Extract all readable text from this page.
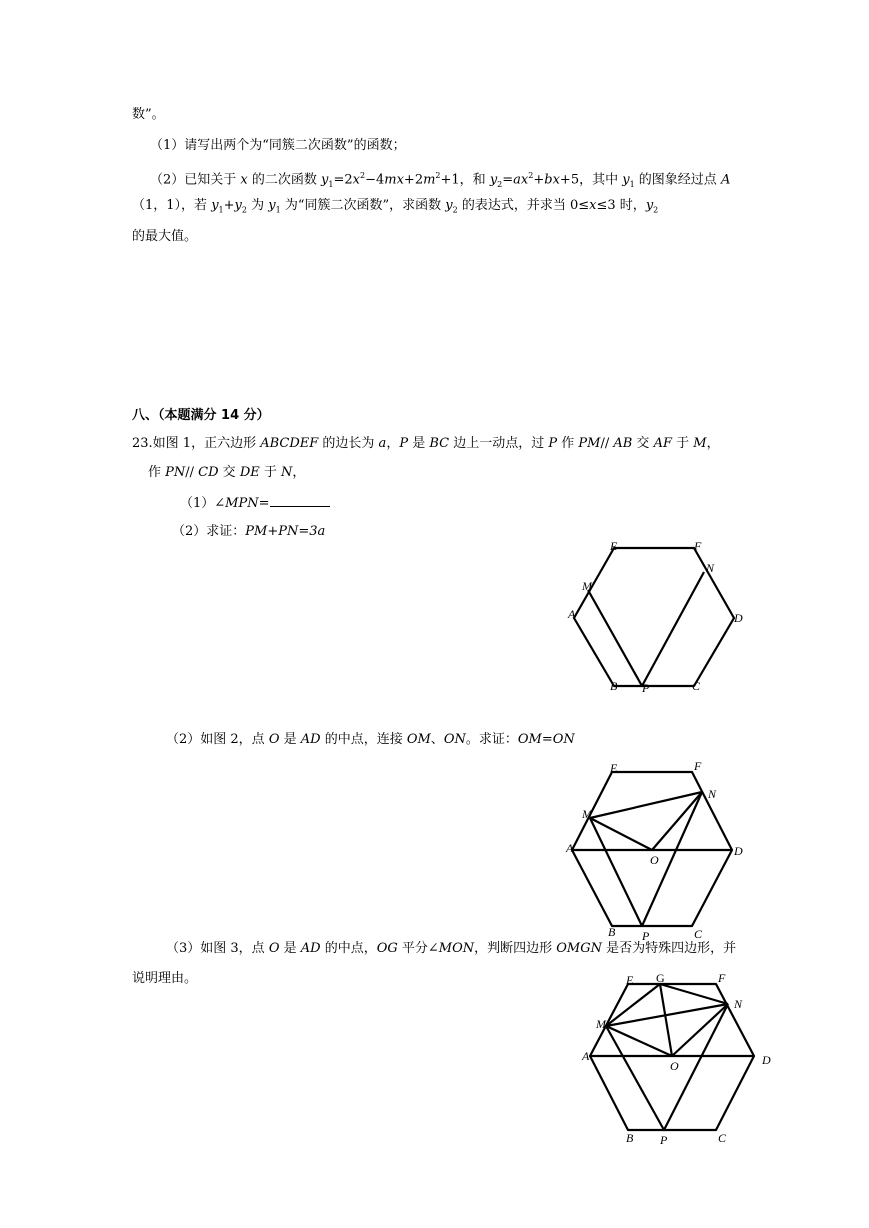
数”。
（1）请写出两个为“同簇二次函数”的函数；
（2）已知关于 x 的二次函数 $y_1=2x^2-4mx+2m^2+1$，和 $y_2=ax^2+bx+5$，其中 $y_1$ 的图象经过点 A
（1，1），若 $y_1+y_2$ 为 $y_1$ 为“同簇二次函数”，求函数 $y_2$ 的表达式，并求当 0≤x≤3 时，$y_2$
的最大值。
八、（本题满分 14 分）
23.如图 1，正六边形 ABCDEF 的边长为 a，P 是 BC 边上一动点，过 P 作 PM// AB 交 AF 于 M，
作 PN// CD 交 DE 于 N，
（1）∠MPN=
（2）求证：PM+PN=3a
E	F
N
M
A	D
B P	C
（2）如图 2，点 O 是 AD 的中点，连接 OM、ON。求证：OM=ON
E	F
N
M
A
O
D
B P	C
（3）如图 3，点 O 是 AD 的中点，OG 平分∠MON，判断四边形 OMGN 是否为特殊四边形，并
说明理由。	E G	F
N
M
A
O	D
B P	C
